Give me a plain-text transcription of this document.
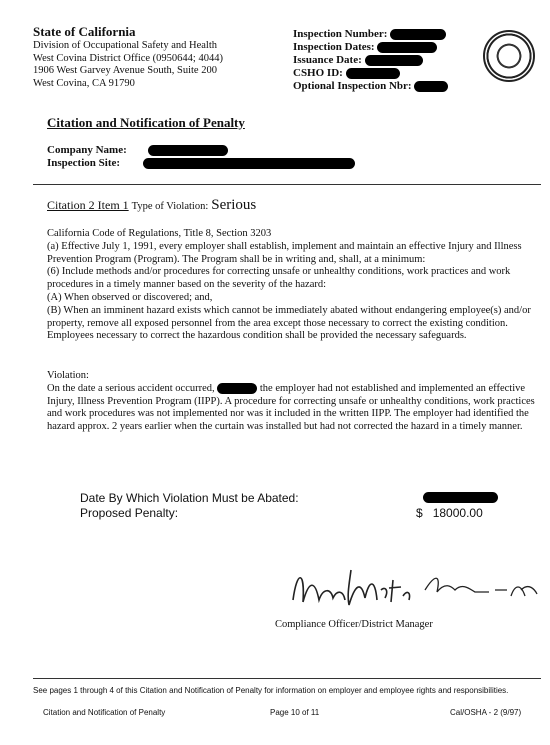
State of California
Division of Occupational Safety and Health
West Covina District Office (0950644; 4044)
1906 West Garvey Avenue South, Suite 200
West Covina, CA 91790
Inspection Number:
Inspection Dates:
Issuance Date:
CSHO ID:
Optional Inspection Nbr:
Citation and Notification of Penalty
Company Name:
Inspection Site:
Citation 2 Item 1 Type of Violation: Serious

California Code of Regulations, Title 8, Section 3203

(a) Effective July 1, 1991, every employer shall establish, implement and maintain an effective Injury and Illness Prevention Program (Program). The Program shall be in writing and, shall, at a minimum:

(6) Include methods and/or procedures for correcting unsafe or unhealthy conditions, work practices and work procedures in a timely manner based on the severity of the hazard:

(A) When observed or discovered; and,

(B) When an imminent hazard exists which cannot be immediately abated without endangering employee(s) and/or property, remove all exposed personnel from the area except those necessary to correct the existing condition. Employees necessary to correct the hazardous condition shall be provided the necessary safeguards.

Violation:

On the date a serious accident occurred,	the employer had not established and implemented an effective Injury, Illness Prevention Program (IIPP). A procedure for correcting unsafe or unhealthy conditions, work practices and work procedures was not implemented nor was it included in the written IIPP. The employer had identified the hazard approx. 2 years earlier when the curtain was installed but had not corrected the hazard in a timely manner.

Date By Which Violation Must be Abated:
Proposed Penalty:	$ 18000.00
Compliance Officer/District Manager
See pages 1 through 4 of this Citation and Notification of Penalty for information on employer and employee rights and responsibilities.
Citation and Notification of Penalty	Page 10 of 11	Cal/OSHA - 2 (9/97)
